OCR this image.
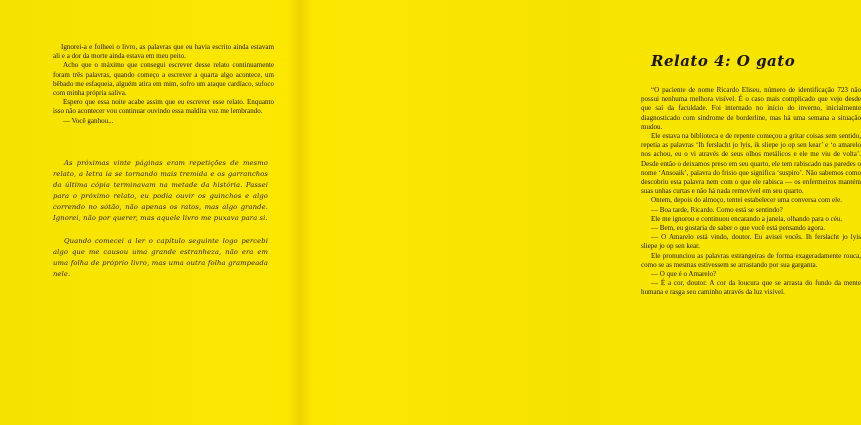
Ignorei-a e folheei o livro, as palavras que eu havia escrito ainda estavam ali e a dor da morte ainda estava em meu peito.

Acho que o máximo que consegui escrever desse relato continuamente foram três palavras, quando começo a escrever a quarta algo acontece, um bêbado me esfaqueia, alguém atira em mim, sofro um ataque cardíaco, sufoco com minha própria saliva.

Espero que essa noite acabe assim que eu escrever esse relato. Enquanto isso não acontecer vou continuar ouvindo essa maldita voz me lembrando.

— Você ganhou...

As próximas vinte páginas eram repetições de mesmo relato, a letra ia se tornando mais tremida e os garranchos da última cópia terminavam na metade da história. Passei para o próximo relato, eu podia ouvir os guinchos e algo correndo no sótão, não apenas os ratos, mas algo grande. Ignorei, não por querer, mas aquele livro me puxava para si.

Quando comecei a ler o capítulo seguinte logo percebi algo que me causou uma grande estranheza, não era em uma folha de próprio livro, mas uma outra folha grampeada nele.

Relato 4: O gato

“O paciente de nome Ricardo Eliseu, número de identificação 723 não possui nenhuma melhora visível. É o caso mais complicado que vejo desde que saí da faculdade. Foi internado no início do inverno, inicialmente diagnosticado com síndrome de borderline, mas há uma semana a situação mudou.

Ele estava na biblioteca e de repente começou a gritar coisas sem sentido, repetia as palavras ‘Ih fersłacht jo lyis, ik sliepe jo op sen kear’ e ‘o amarelo nos achou, eu o vi através de seus olhos metálicos e ele me viu de volta’. Desde então o deixamos preso em seu quarto, ele tem rabiscado nas paredes o nome ‘Ansoaik’, palavra do frisio que significa ‘suspiro’. Não sabemos como descobriu esta palavra nem com o que ele rabisca — os enfermeiros mantém suas unhas curtas e não há nada removível em seu quarto.

Ontem, depois do almoço, tentei estabelecer uma conversa com ele.

— Boa tarde, Ricardo. Como está se sentindo?

Ele me ignorou e continuou encarando a janela, olhando para o céu.

— Bem, eu gostaria de saber o que você está pensando agora.

— O Amarelo está vindo, doutor. Eu avisei vocês. Ih fersłacht jo lyis sliepe jo op sen kear.

Ele pronunciou as palavras estrangeiras de forma exageradamente rouca, como se as mesmas estivessem se arrastando por sua garganta.

— O que é o Amarelo?

— É a cor, doutor. A cor da loucura que se arrasta do fundo da mente humana e rasga seu caminho através da luz visível.
